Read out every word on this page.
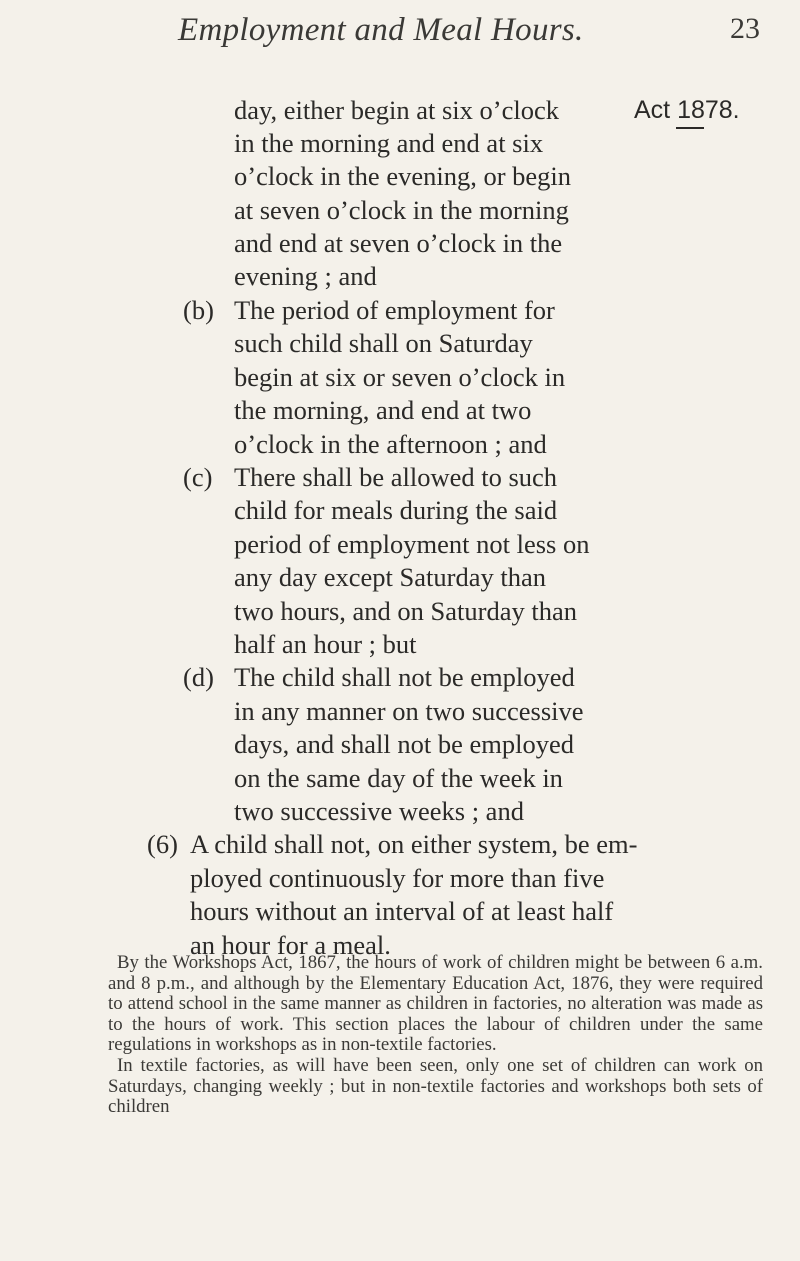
Employment and Meal Hours.	23
Act 1878.
day, either begin at six o’clock
in the morning and end at six
o’clock in the evening, or begin
at seven o’clock in the morning
and end at seven o’clock in the
evening ; and
(b) The period of employment for
such child shall on Saturday
begin at six or seven o’clock in
the morning, and end at two
o’clock in the afternoon ; and
(c) There shall be allowed to such
child for meals during the said
period of employment not less on
any day except Saturday than
two hours, and on Saturday than
half an hour ; but
(d) The child shall not be employed
in any manner on two successive
days, and shall not be employed
on the same day of the week in
two successive weeks ; and
(6) A child shall not, on either system, be em-
ployed continuously for more than five
hours without an interval of at least half
an hour for a meal.

By the Workshops Act, 1867, the hours of work of children might be between 6 a.m. and 8 p.m., and although by the Elementary Education Act, 1876, they were required to attend school in the same manner as children in factories, no alteration was made as to the hours of work. This section places the labour of children under the same regulations in workshops as in non-textile factories.

In textile factories, as will have been seen, only one set of children can work on Saturdays, changing weekly ; but in non-textile factories and workshops both sets of children
